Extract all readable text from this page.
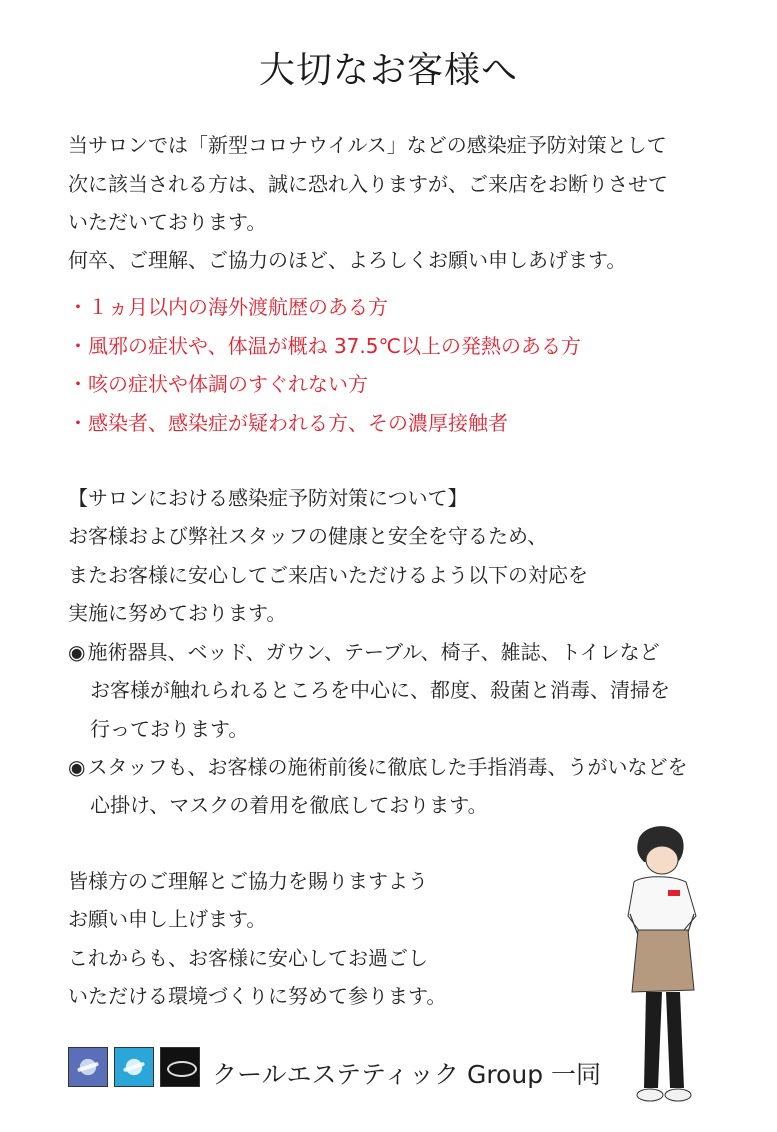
大切なお客様へ
当サロンでは「新型コロナウイルス」などの感染症予防対策として
次に該当される方は、誠に恐れ入りますが、ご来店をお断りさせて
いただいております。
何卒、ご理解、ご協力のほど、よろしくお願い申しあげます。
・１ヵ月以内の海外渡航歴のある方
・風邪の症状や、体温が概ね 37.5℃以上の発熱のある方
・咳の症状や体調のすぐれない方
・感染者、感染症が疑われる方、その濃厚接触者
【サロンにおける感染症予防対策について】
お客様および弊社スタッフの健康と安全を守るため、
またお客様に安心してご来店いただけるよう以下の対応を
実施に努めております。
◉ 施術器具、ベッド、ガウン、テーブル、椅子、雑誌、トイレなど
お客様が触れられるところを中心に、都度、殺菌と消毒、清掃を
行っております。
◉ スタッフも、お客様の施術前後に徹底した手指消毒、うがいなどを
心掛け、マスクの着用を徹底しております。
皆様方のご理解とご協力を賜りますよう
お願い申し上げます。
これからも、お客様に安心してお過ごし
いただける環境づくりに努めて参ります。
クールエステティック Group 一同
